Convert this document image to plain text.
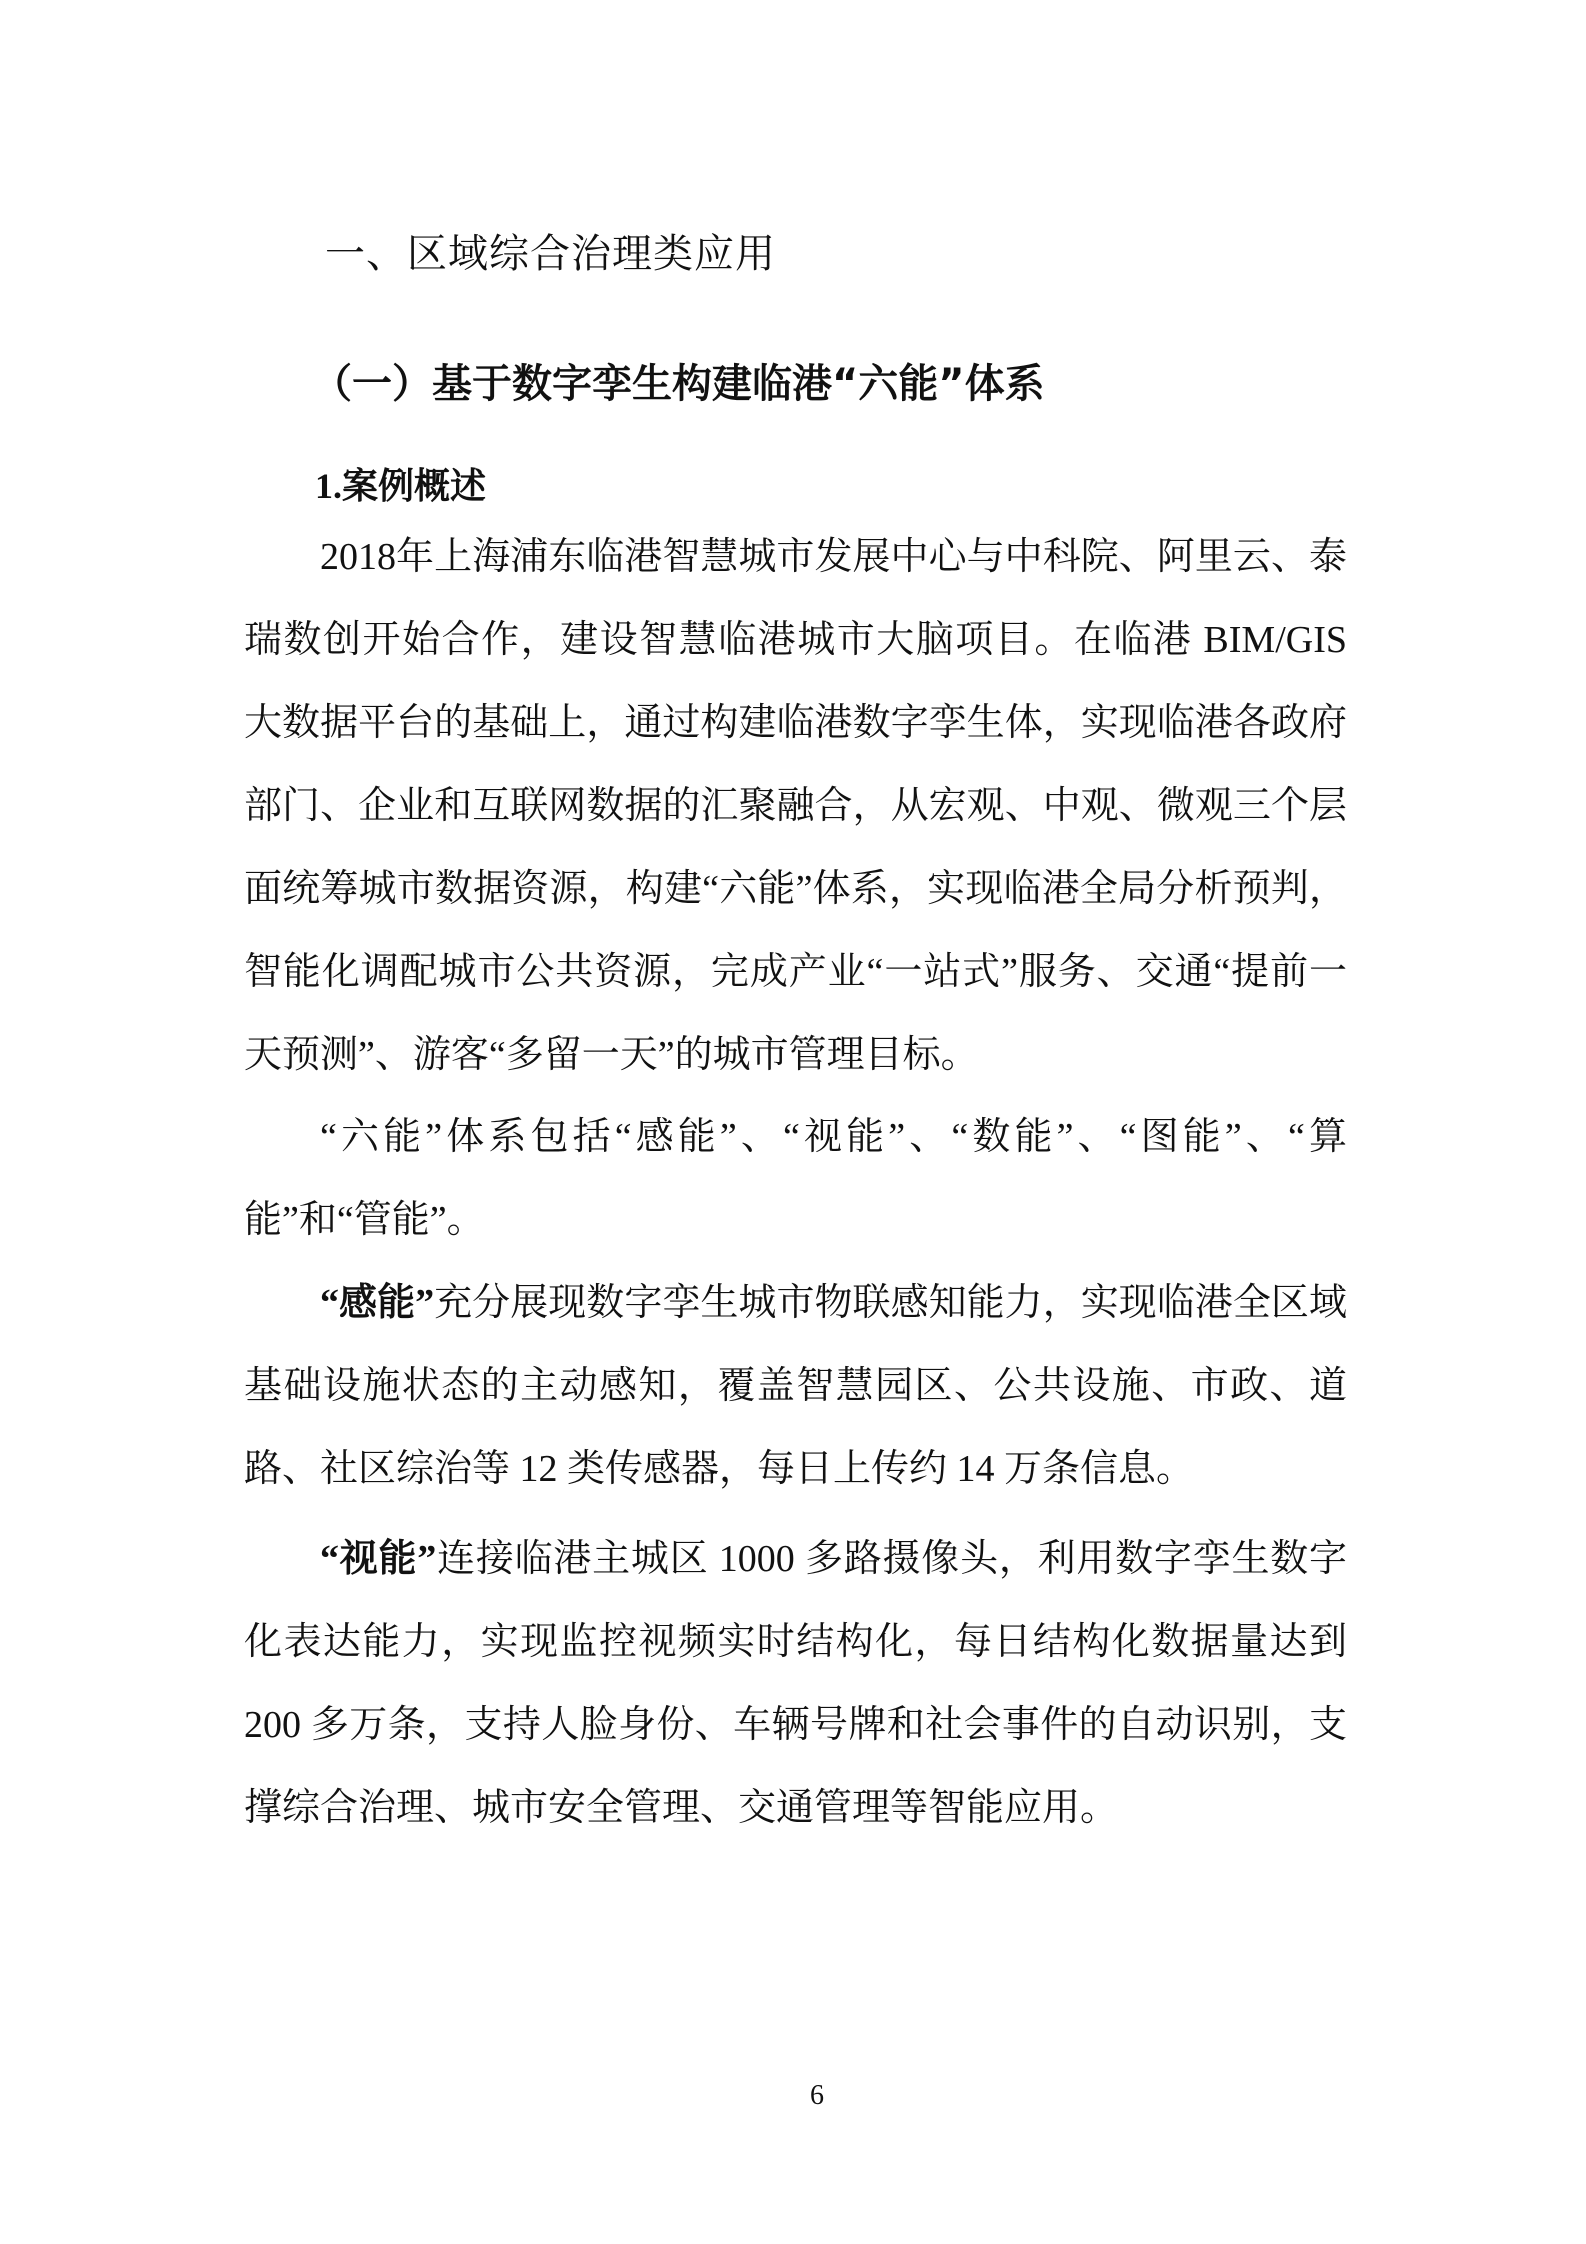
一、区域综合治理类应用
（一）基于数字孪生构建临港“六能”体系
1.案例概述

2018年上海浦东临港智慧城市发展中心与中科院、阿里云、泰瑞数创开始合作，建设智慧临港城市大脑项目。在临港 BIM/GIS 大数据平台的基础上，通过构建临港数字孪生体，实现临港各政府部门、企业和互联网数据的汇聚融合，从宏观、中观、微观三个层面统筹城市数据资源，构建“六能”体系，实现临港全局分析预判，智能化调配城市公共资源，完成产业“一站式”服务、交通“提前一天预测”、游客“多留一天”的城市管理目标。

“六能”体系包括“感能”、“视能”、“数能”、“图能”、“算能”和“管能”。

“感能”充分展现数字孪生城市物联感知能力，实现临港全区域基础设施状态的主动感知，覆盖智慧园区、公共设施、市政、道路、社区综治等 12 类传感器，每日上传约 14 万条信息。

“视能”连接临港主城区 1000 多路摄像头，利用数字孪生数字化表达能力，实现监控视频实时结构化，每日结构化数据量达到 200 多万条，支持人脸身份、车辆号牌和社会事件的自动识别，支撑综合治理、城市安全管理、交通管理等智能应用。

6
